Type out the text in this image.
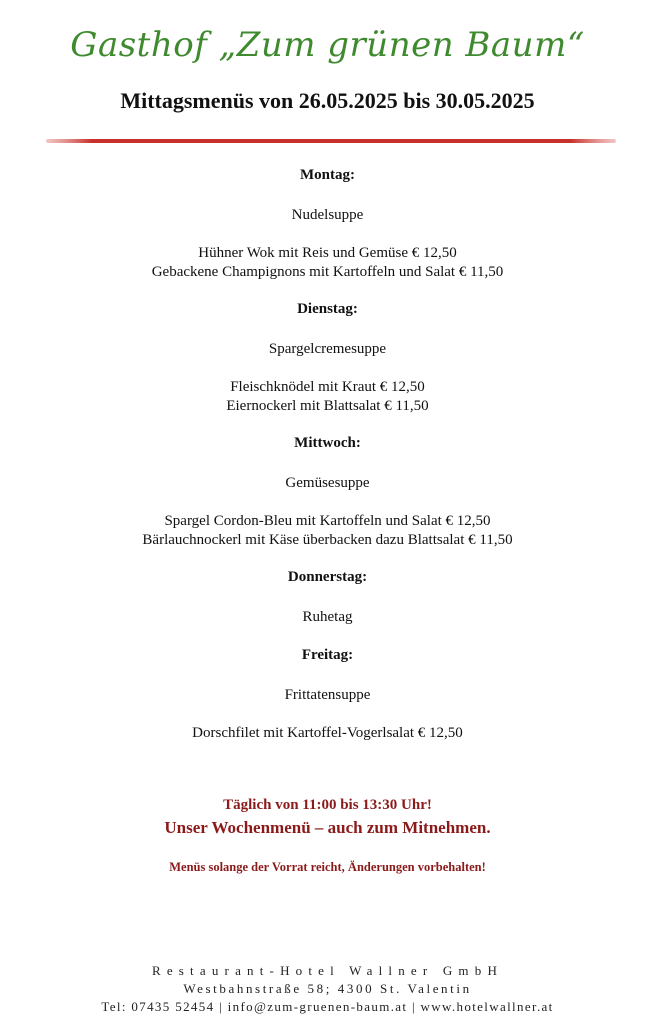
Gasthof „Zum grünen Baum“
Mittagsmenüs von 26.05.2025 bis 30.05.2025
Montag:
Nudelsuppe
Hühner Wok mit Reis und Gemüse € 12,50
Gebackene Champignons mit Kartoffeln und Salat € 11,50
Dienstag:
Spargelcremesuppe
Fleischknödel mit Kraut € 12,50
Eiernockerl mit Blattsalat € 11,50
Mittwoch:
Gemüsesuppe
Spargel Cordon-Bleu mit Kartoffeln und Salat € 12,50
Bärlauchnockerl mit Käse überbacken dazu Blattsalat € 11,50
Donnerstag:
Ruhetag
Freitag:
Frittatensuppe
Dorschfilet mit Kartoffel-Vogerlsalat € 12,50
Täglich von 11:00 bis 13:30 Uhr!
Unser Wochenmenü – auch zum Mitnehmen.
Menüs solange der Vorrat reicht, Änderungen vorbehalten!
Restaurant-Hotel Wallner GmbH
Westbahnstraße 58; 4300 St. Valentin
Tel: 07435 52454 | info@zum-gruenen-baum.at | www.hotelwallner.at
